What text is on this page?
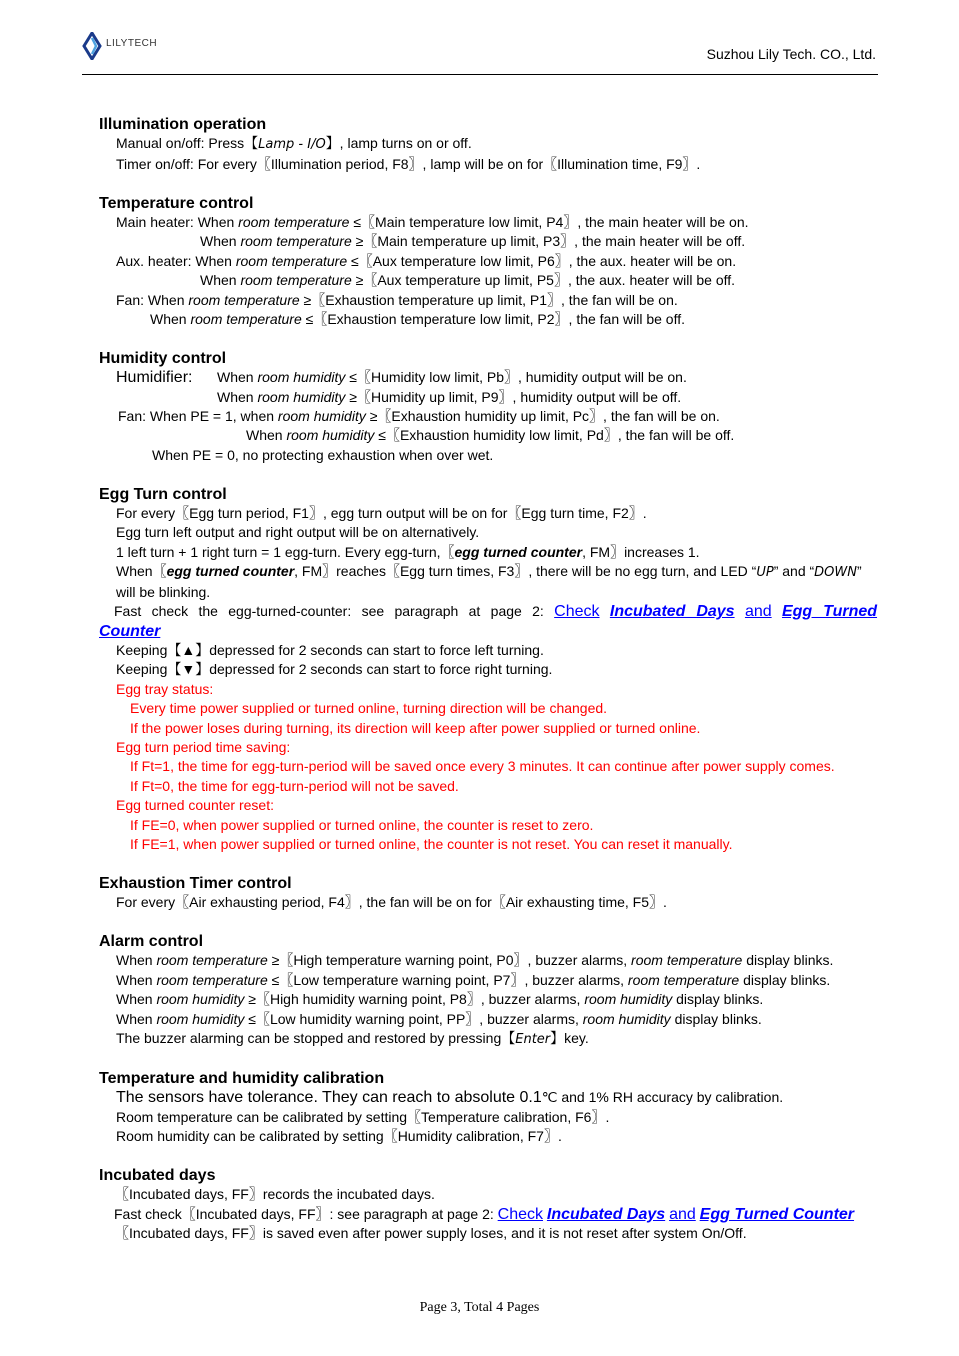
LILYTECH
Suzhou Lily Tech. CO., Ltd.
Illumination operation
Manual on/off: Press【Lamp - I/O】, lamp turns on or off.
Timer on/off: For every〖Illumination period, F8〗, lamp will be on for〖Illumination time, F9〗.
Temperature control
Main heater: When room temperature ≤〖Main temperature low limit, P4〗, the main heater will be on.
When room temperature ≥〖Main temperature up limit, P3〗, the main heater will be off.
Aux. heater: When room temperature ≤〖Aux temperature low limit, P6〗, the aux. heater will be on.
When room temperature ≥〖Aux temperature up limit, P5〗, the aux. heater will be off.
Fan: When room temperature ≥〖Exhaustion temperature up limit, P1〗, the fan will be on.
When room temperature ≤〖Exhaustion temperature low limit, P2〗, the fan will be off.
Humidity control
Humidifier: When room humidity ≤〖Humidity low limit, Pb〗, humidity output will be on.
When room humidity ≥〖Humidity up limit, P9〗, humidity output will be off.
Fan: When PE = 1, when room humidity ≥〖Exhaustion humidity up limit, Pc〗, the fan will be on.
When room humidity ≤〖Exhaustion humidity low limit, Pd〗, the fan will be off.
When PE = 0, no protecting exhaustion when over wet.
Egg Turn control
For every〖Egg turn period, F1〗, egg turn output will be on for〖Egg turn time, F2〗.
Egg turn left output and right output will be on alternatively.
1 left turn + 1 right turn = 1 egg-turn. Every egg-turn,〖egg turned counter, FM〗increases 1.
When〖egg turned counter, FM〗reaches〖Egg turn times, F3〗, there will be no egg turn, and LED “UP” and “DOWN”
will be blinking.
Fast check the egg-turned-counter: see paragraph at page 2: Check Incubated Days and Egg Turned
Counter
Keeping【▲】depressed for 2 seconds can start to force left turning.
Keeping【▼】depressed for 2 seconds can start to force right turning.
Egg tray status:
Every time power supplied or turned online, turning direction will be changed.
If the power loses during turning, its direction will keep after power supplied or turned online.
Egg turn period time saving:
If Ft=1, the time for egg-turn-period will be saved once every 3 minutes. It can continue after power supply comes.
If Ft=0, the time for egg-turn-period will not be saved.
Egg turned counter reset:
If FE=0, when power supplied or turned online, the counter is reset to zero.
If FE=1, when power supplied or turned online, the counter is not reset. You can reset it manually.
Exhaustion Timer control
For every〖Air exhausting period, F4〗, the fan will be on for〖Air exhausting time, F5〗.
Alarm control
When room temperature ≥〖High temperature warning point, P0〗, buzzer alarms, room temperature display blinks.
When room temperature ≤〖Low temperature warning point, P7〗, buzzer alarms, room temperature display blinks.
When room humidity ≥〖High humidity warning point, P8〗, buzzer alarms, room humidity display blinks.
When room humidity ≤〖Low humidity warning point, PP〗, buzzer alarms, room humidity display blinks.
The buzzer alarming can be stopped and restored by pressing【Enter】key.
Temperature and humidity calibration
The sensors have tolerance. They can reach to absolute 0.1℃ and 1% RH accuracy by calibration.
Room temperature can be calibrated by setting〖Temperature calibration, F6〗.
Room humidity can be calibrated by setting〖Humidity calibration, F7〗.
Incubated days
〖Incubated days, FF〗records the incubated days.
Fast check〖Incubated days, FF〗: see paragraph at page 2: Check Incubated Days and Egg Turned Counter
〖Incubated days, FF〗is saved even after power supply loses, and it is not reset after system On/Off.
Page 3, Total 4 Pages
